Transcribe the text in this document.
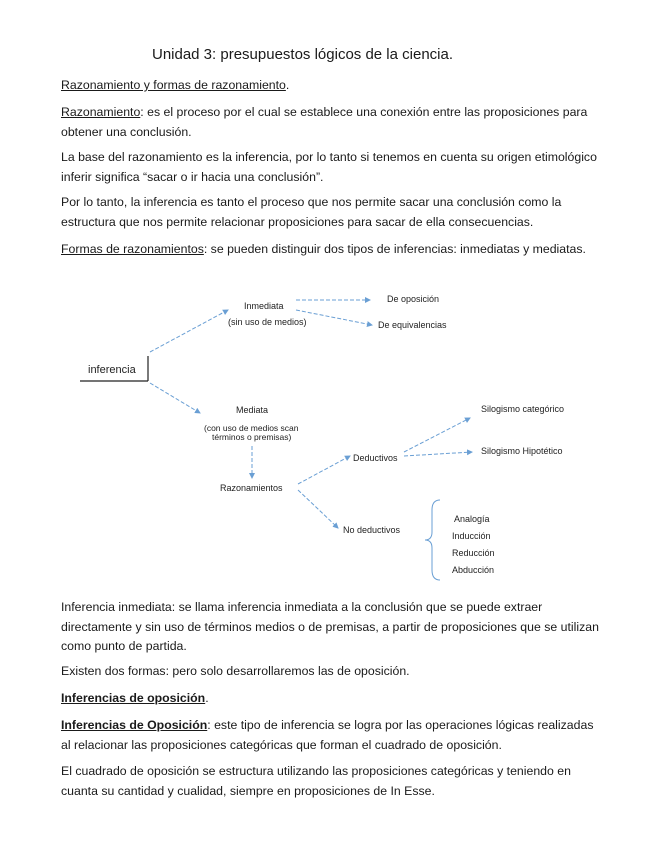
Unidad 3: presupuestos lógicos de la ciencia.

Razonamiento y formas de razonamiento.

Razonamiento: es el proceso por el cual se establece una conexión entre las proposiciones para obtener una conclusión.

La base del razonamiento es la inferencia, por lo tanto si tenemos en cuenta su origen etimológico inferir significa “sacar o ir hacia una conclusión”.

Por lo tanto, la inferencia es tanto el proceso que nos permite sacar una conclusión como la estructura que nos permite relacionar proposiciones para sacar de ella consecuencias.

Formas de razonamientos: se pueden distinguir dos tipos de inferencias: inmediatas y mediatas.

inferencia
Inmediata
(sin uso de medios)
De oposición
De equivalencias
Mediata
(con uso de medios scan
términos o premisas)
Razonamientos
Deductivos
No deductivos
Silogismo categórico
Silogismo Hipotético
Analogía
Inducción
Reducción
Abducción

Inferencia inmediata: se llama inferencia inmediata a la conclusión que se puede extraer directamente y sin uso de términos medios o de premisas, a partir de proposiciones que se utilizan como punto de partida.

Existen dos formas: pero solo desarrollaremos las de oposición.

Inferencias de oposición.

Inferencias de Oposición: este tipo de inferencia se logra por las operaciones lógicas realizadas al relacionar las proposiciones categóricas que forman el cuadrado de oposición.

El cuadrado de oposición se estructura utilizando las proposiciones categóricas y teniendo en cuanta su cantidad y cualidad, siempre en proposiciones de In Esse.
